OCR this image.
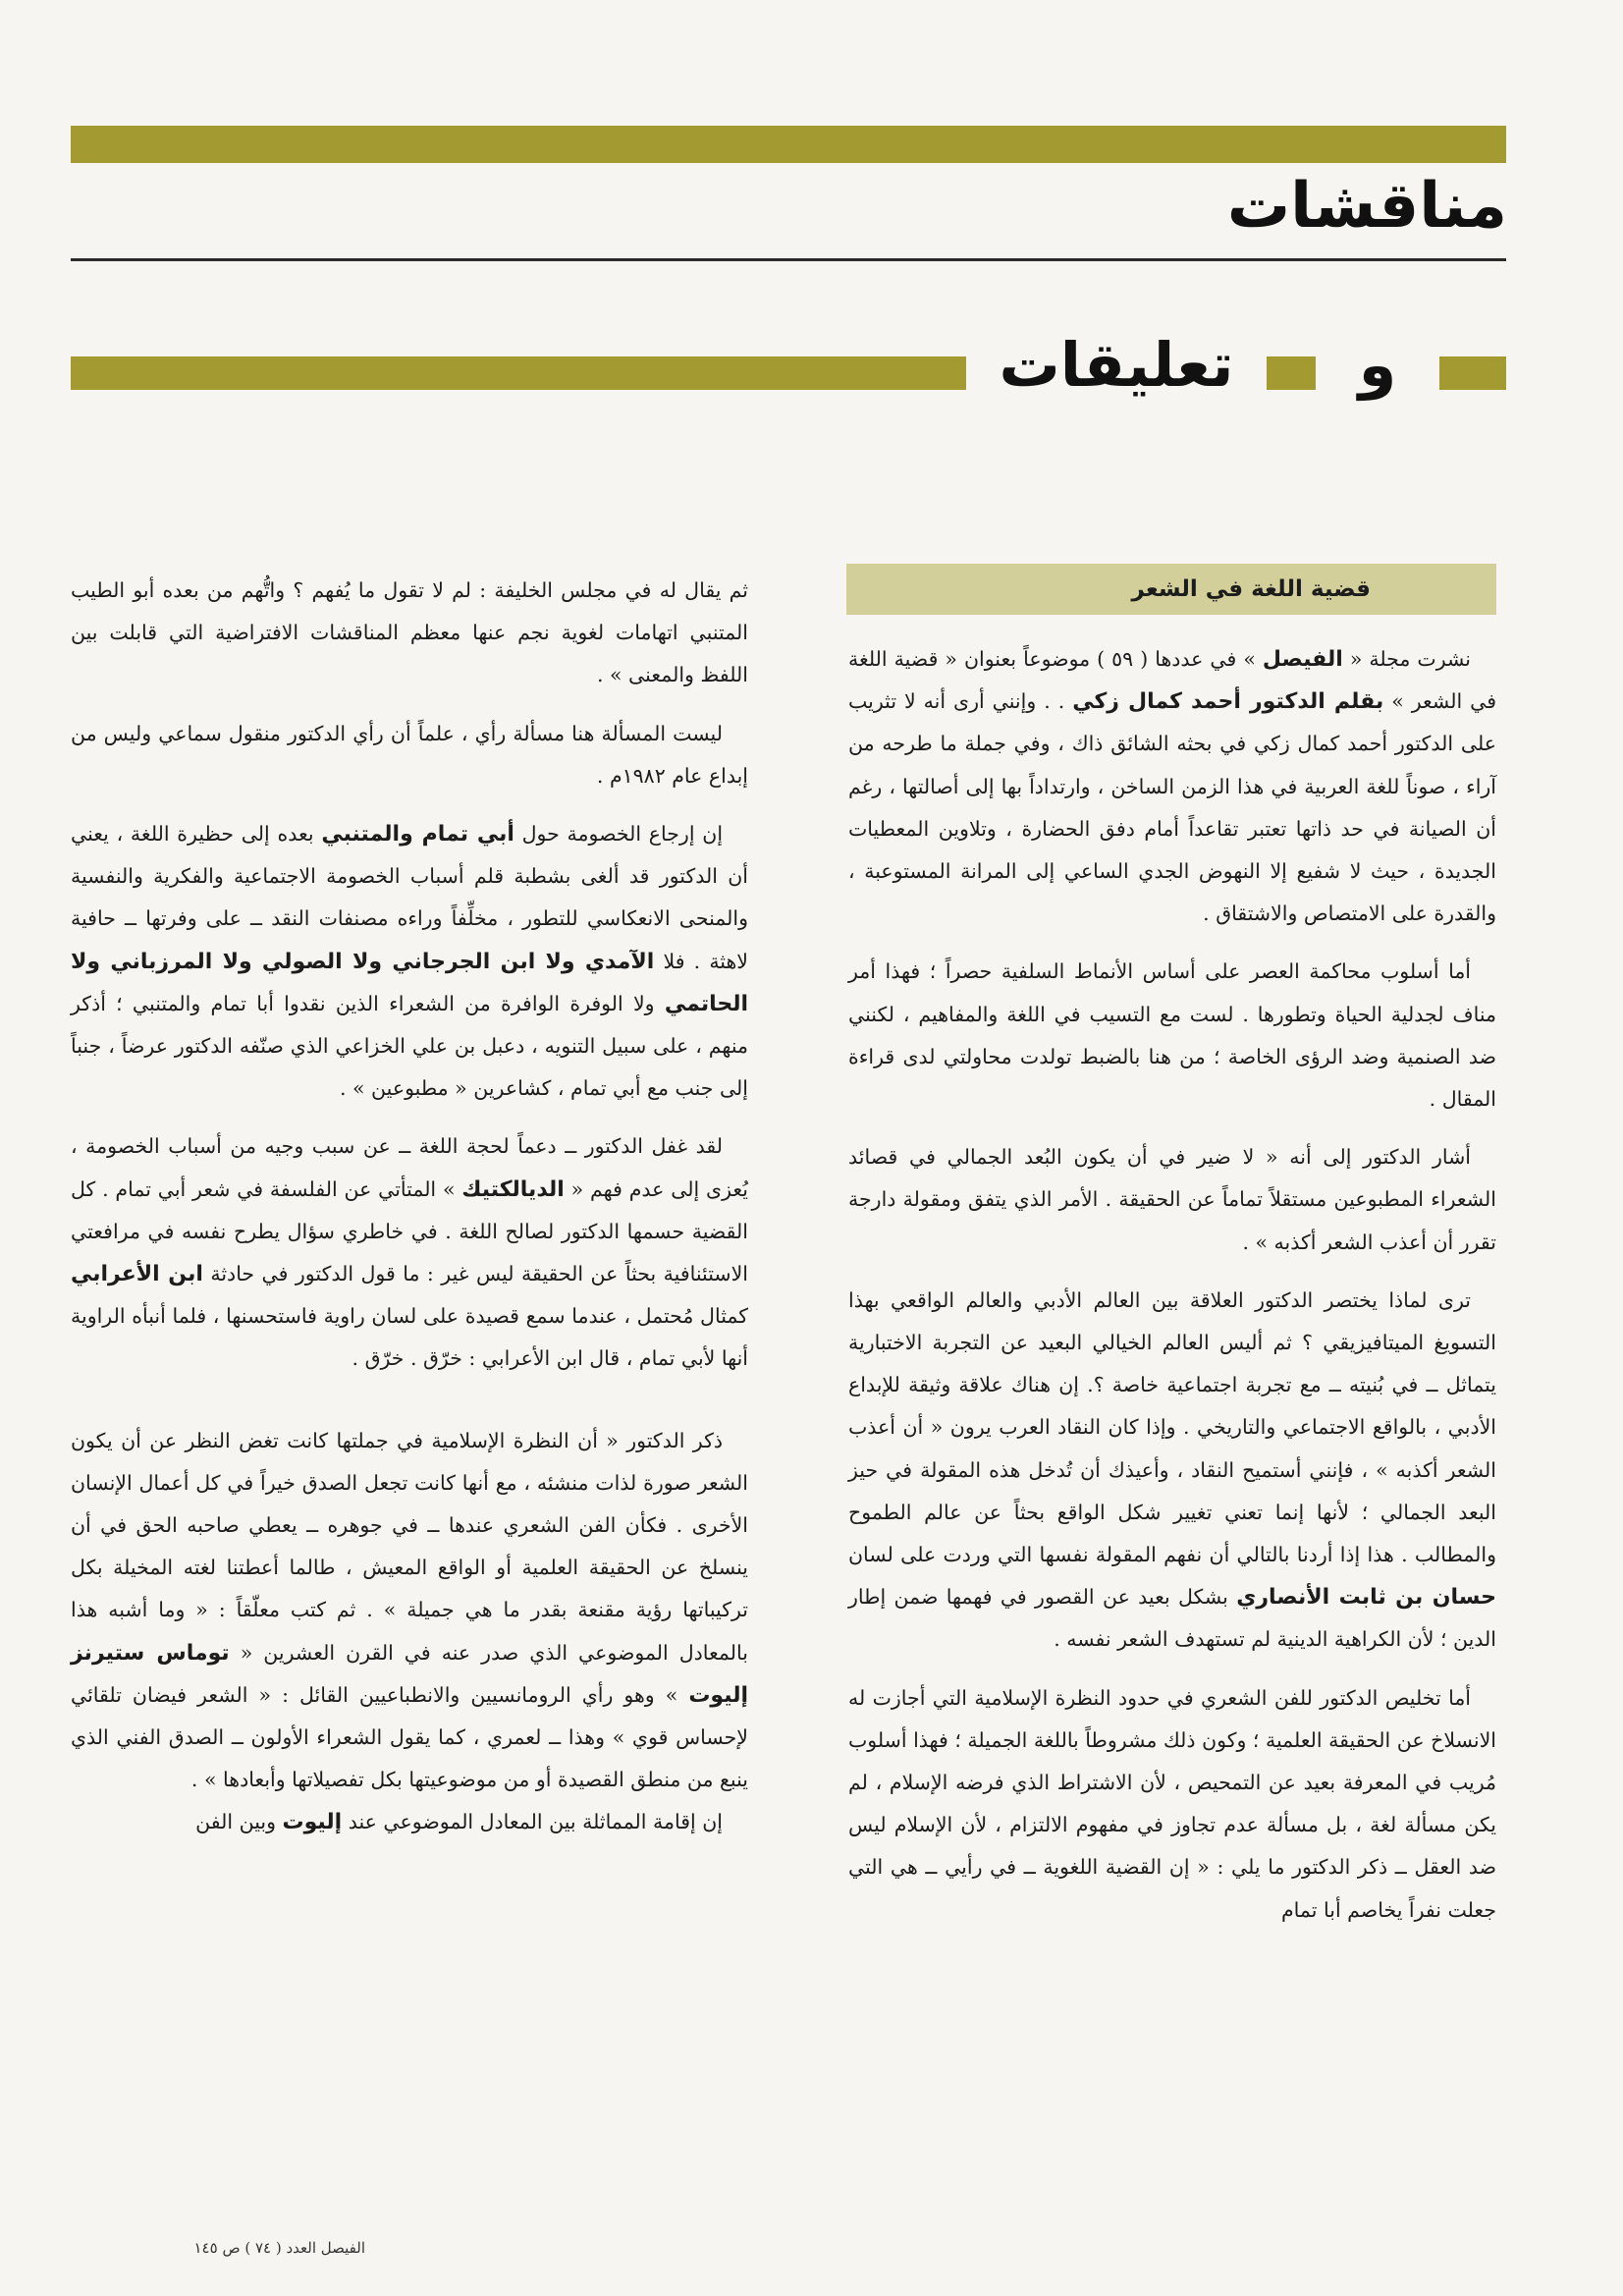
مناقشات
تعليقات	و
قضية اللغة في الشعر

نشرت مجلة « الفيصل » في عددها ( ٥٩ ) موضوعاً بعنوان « قضية اللغة في الشعر » بقلم الدكتور أحمد كمال زكي . . وإنني أرى أنه لا تثريب على الدكتور أحمد كمال زكي في بحثه الشائق ذاك ، وفي جملة ما طرحه من آراء ، صوناً للغة العربية في هذا الزمن الساخن ، وارتداداً بها إلى أصالتها ، رغم أن الصيانة في حد ذاتها تعتبر تقاعداً أمام دفق الحضارة ، وتلاوين المعطيات الجديدة ، حيث لا شفيع إلا النهوض الجدي الساعي إلى المرانة المستوعبة ، والقدرة على الامتصاص والاشتقاق .

أما أسلوب محاكمة العصر على أساس الأنماط السلفية حصراً ؛ فهذا أمر مناف لجدلية الحياة وتطورها . لست مع التسيب في اللغة والمفاهيم ، لكنني ضد الصنمية وضد الرؤى الخاصة ؛ من هنا بالضبط تولدت محاولتي لدى قراءة المقال .

أشار الدكتور إلى أنه « لا ضير في أن يكون البُعد الجمالي في قصائد الشعراء المطبوعين مستقلاً تماماً عن الحقيقة . الأمر الذي يتفق ومقولة دارجة تقرر أن أعذب الشعر أكذبه » .

ترى لماذا يختصر الدكتور العلاقة بين العالم الأدبي والعالم الواقعي بهذا التسويغ الميتافيزيقي ؟ ثم أليس العالم الخيالي البعيد عن التجربة الاختبارية يتماثل ــ في بُنيته ــ مع تجربة اجتماعية خاصة ؟. إن هناك علاقة وثيقة للإبداع الأدبي ، بالواقع الاجتماعي والتاريخي . وإذا كان النقاد العرب يرون « أن أعذب الشعر أكذبه » ، فإنني أستميح النقاد ، وأعيذك أن تُدخل هذه المقولة في حيز البعد الجمالي ؛ لأنها إنما تعني تغيير شكل الواقع بحثاً عن عالم الطموح والمطالب . هذا إذا أردنا بالتالي أن نفهم المقولة نفسها التي وردت على لسان حسان بن ثابت الأنصاري بشكل بعيد عن القصور في فهمها ضمن إطار الدين ؛ لأن الكراهية الدينية لم تستهدف الشعر نفسه .

أما تخليص الدكتور للفن الشعري في حدود النظرة الإسلامية التي أجازت له الانسلاخ عن الحقيقة العلمية ؛ وكون ذلك مشروطاً باللغة الجميلة ؛ فهذا أسلوب مُريب في المعرفة بعيد عن التمحيص ، لأن الاشتراط الذي فرضه الإسلام ، لم يكن مسألة لغة ، بل مسألة عدم تجاوز في مفهوم الالتزام ، لأن الإسلام ليس ضد العقل ــ ذكر الدكتور ما يلي : « إن القضية اللغوية ــ في رأيي ــ هي التي جعلت نفراً يخاصم أبا تمام

ثم يقال له في مجلس الخليفة : لم لا تقول ما يُفهم ؟ واتُّهم من بعده أبو الطيب المتنبي اتهامات لغوية نجم عنها معظم المناقشات الافتراضية التي قابلت بين اللفظ والمعنى » .

ليست المسألة هنا مسألة رأي ، علماً أن رأي الدكتور منقول سماعي وليس من إبداع عام ١٩٨٢م .

إن إرجاع الخصومة حول أبي تمام والمتنبي بعده إلى حظيرة اللغة ، يعني أن الدكتور قد ألغى بشطبة قلم أسباب الخصومة الاجتماعية والفكرية والنفسية والمنحى الانعكاسي للتطور ، مخلِّفاً وراءه مصنفات النقد ــ على وفرتها ــ حافية لاهثة . فلا الآمدي ولا ابن الجرجاني ولا الصولي ولا المرزباني ولا الحاتمي ولا الوفرة الوافرة من الشعراء الذين نقدوا أبا تمام والمتنبي ؛ أذكر منهم ، على سبيل التنويه ، دعبل بن علي الخزاعي الذي صنّفه الدكتور عرضاً ، جنباً إلى جنب مع أبي تمام ، كشاعرين « مطبوعين » .

لقد غفل الدكتور ــ دعماً لحجة اللغة ــ عن سبب وجيه من أسباب الخصومة ، يُعزى إلى عدم فهم « الديالكتيك » المتأتي عن الفلسفة في شعر أبي تمام . كل القضية حسمها الدكتور لصالح اللغة . في خاطري سؤال يطرح نفسه في مرافعتي الاستئنافية بحثاً عن الحقيقة ليس غير : ما قول الدكتور في حادثة ابن الأعرابي كمثال مُحتمل ، عندما سمع قصيدة على لسان راوية فاستحسنها ، فلما أنبأه الراوية أنها لأبي تمام ، قال ابن الأعرابي : خرّق . خرّق .

ذكر الدكتور « أن النظرة الإسلامية في جملتها كانت تغض النظر عن أن يكون الشعر صورة لذات منشئه ، مع أنها كانت تجعل الصدق خيراً في كل أعمال الإنسان الأخرى . فكأن الفن الشعري عندها ــ في جوهره ــ يعطي صاحبه الحق في أن ينسلخ عن الحقيقة العلمية أو الواقع المعيش ، طالما أعطتنا لغته المخيلة بكل تركيباتها رؤية مقنعة بقدر ما هي جميلة » . ثم كتب معلّقاً : « وما أشبه هذا بالمعادل الموضوعي الذي صدر عنه في القرن العشرين « توماس ستيرنز إليوت » وهو رأي الرومانسيين والانطباعيين القائل : « الشعر فيضان تلقائي لإحساس قوي » وهذا ــ لعمري ، كما يقول الشعراء الأولون ــ الصدق الفني الذي ينبع من منطق القصيدة أو من موضوعيتها بكل تفصيلاتها وأبعادها » .

إن إقامة المماثلة بين المعادل الموضوعي عند إليوت وبين الفن

الفيصل العدد ( ٧٤ ) ص ١٤٥
